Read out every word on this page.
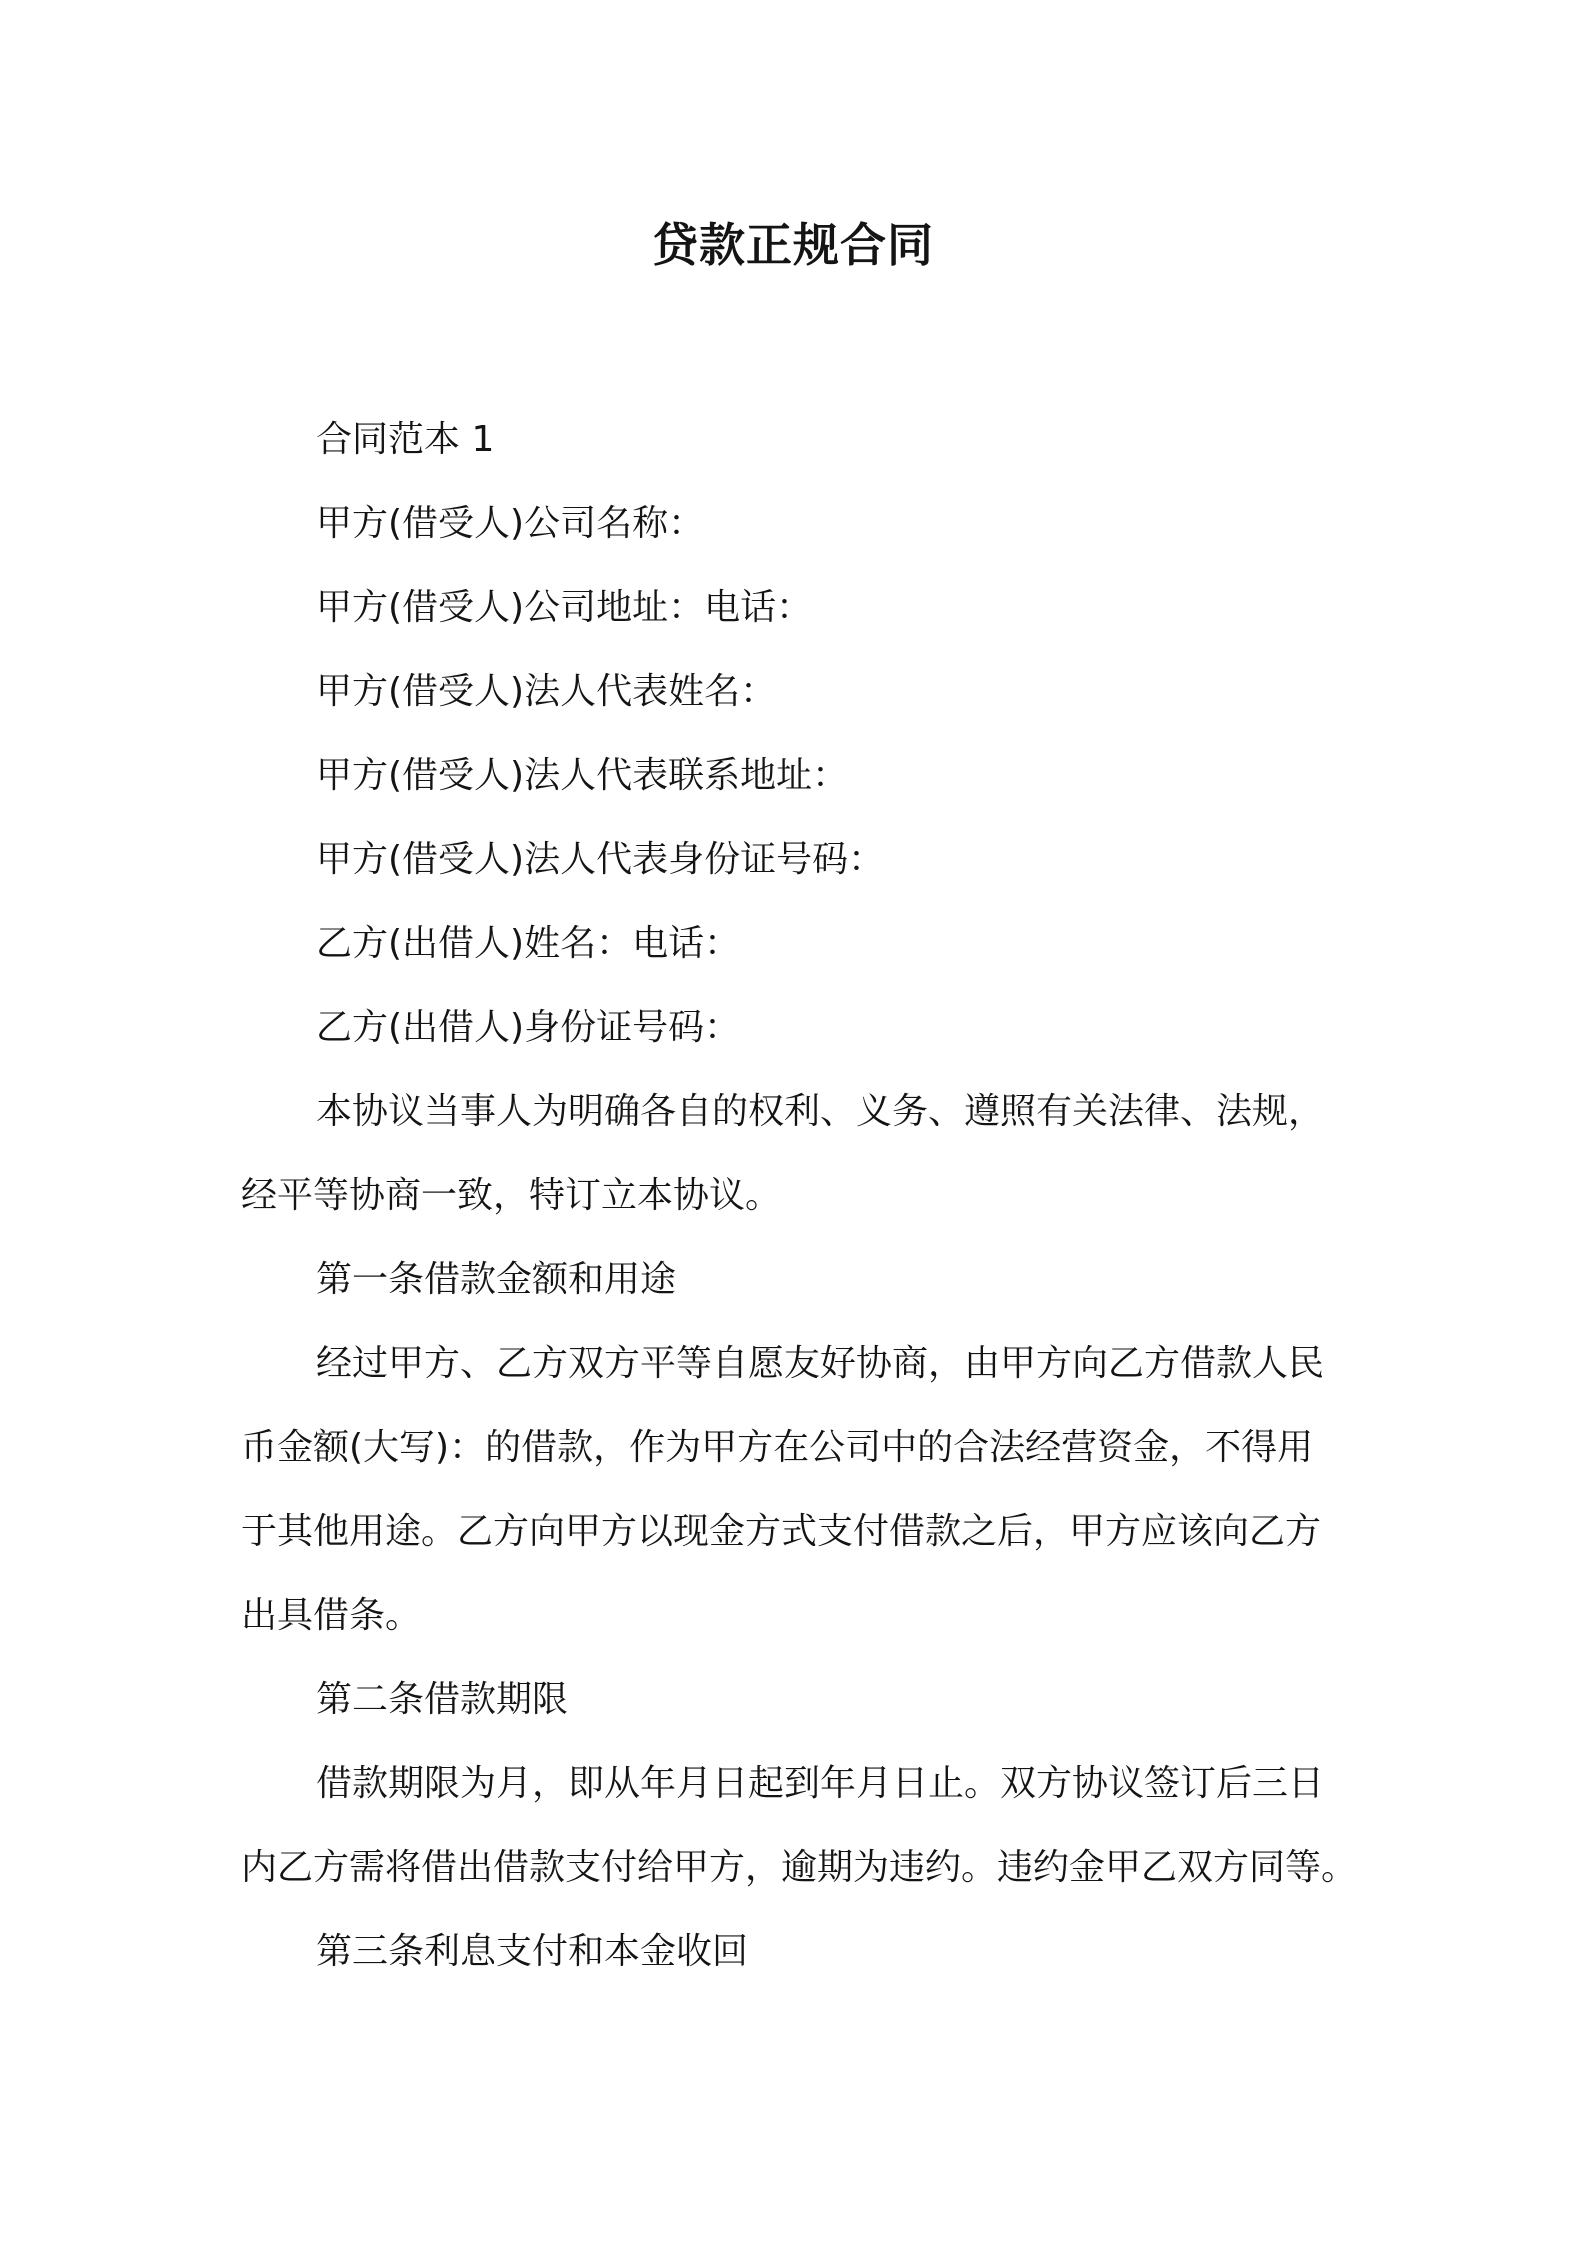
贷款正规合同

合同范本 1

甲方(借受人)公司名称：

甲方(借受人)公司地址：电话：

甲方(借受人)法人代表姓名：

甲方(借受人)法人代表联系地址：

甲方(借受人)法人代表身份证号码：

乙方(出借人)姓名：电话：

乙方(出借人)身份证号码：

本协议当事人为明确各自的权利、义务、遵照有关法律、法规，

经平等协商一致，特订立本协议。

第一条借款金额和用途

经过甲方、乙方双方平等自愿友好协商，由甲方向乙方借款人民

币金额(大写)：的借款，作为甲方在公司中的合法经营资金，不得用

于其他用途。乙方向甲方以现金方式支付借款之后，甲方应该向乙方

出具借条。

第二条借款期限

借款期限为月，即从年月日起到年月日止。双方协议签订后三日

内乙方需将借出借款支付给甲方，逾期为违约。违约金甲乙双方同等。

第三条利息支付和本金收回
